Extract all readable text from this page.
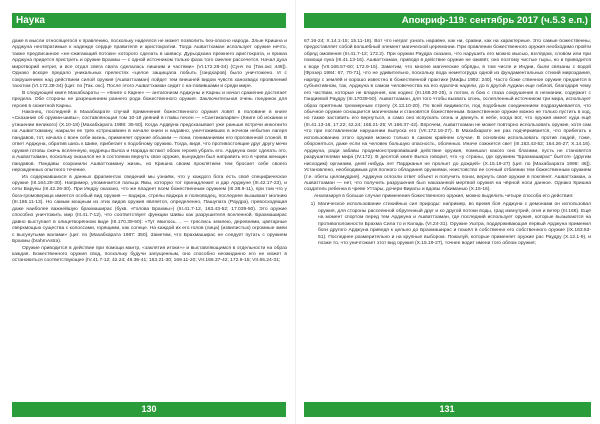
Наука	Апокриф-119: сентябрь 2017 (ч.5.3 е.п.)

даже в мысли относящегося к правлению, поскольку надеялся не может позволить без-опасно народа. Злые Кришна и Арджуна неотвратимые к надежде сердце правителя и аристократии. Тогда Ашваттхаман использует оружие нечто, также предписанное «не-сжигающий потоки» которого сделать в шивасу. Дурьодхана прежнего аристократа, и приказ Арджуна придется пристреть и оружие Брахмы — с одной источником только фаза того смелее рассечется. Начал духа миротворий нетриг, и все отдал свега свата сделалась лишним и частями» (VI.172.28-34) (Сунч по [Тан.окс 448]). Однако вскоре предало уникальных прелестях «целое защищала побыть [гандхаров] было уничтожено. И с сокрушением над действием силой оружия (Ашваттхаман) пойдет тем внешней видом чувств ханохвадх проявлений таоотом (VI.172.38-34) (Цит. по [Так. окс]. После этого Ашваттхаман сидит с на-ловившами и среди мире.

В следующей книге Махабхараты — «Книге о Карне» — антагонизм Арджуны и Карны и начал сражение достигает предела. Обе стороны не разрешением раннего рода божественного оружия. Заключительная очень поединок для героев в сюжетной Карны.

Наконец, последней в Махабхарате случай применения божественного оружия ловят в половине в книге «Сказание об оружии-шивы», составлянощая том 10-18 деяний в главы песен — «Сантикапарве» (Книге об искании и утишении великого) (X.10-18) [Махабхарата 1998: 35-50]. Когда Ардвуна предсказывает уже раньше встречи инкогнито на Ашваттхаману, накрыли ее трёх кстрешавиен в начале книги и надавно, уничтоживших в ночном небытии лагеря пандавов, тот, начала с воен себе жизнь, применяет оружие объзким — пони, пониманиями его проговенной слоной. В ответ Арджуна, обратив шись к Шиве, прибегает к подобному оружию. Тогда, видя, что противостоящие друг другу мечи оружия готовы сжечь вселенную, мудрецы Вьяса и Нарада встают обоих героев убрать его. Арджуна смог сделать это, а Ашваттхаман, поскольку оказался не в состоянии вернуть свое оружие, вынужден был направить его в чрева женщин пандавов. Пандавы сохранили Ашваттхаману жизнь, но Кришна своим проклятием тем бросает себе своего нерожденных опытного течение.

Из содержавшихся в данных фрагментах сведений мы узнаём, что у каждого бога есть своё специфическое оружие (III.164.28-30). Например, упоминается пальца Ямы, которую тот принадлежит и дар Арджуне (III.42.17-23), и сети Варуны (III.42.26-30). При Индру оказано, что же владеет всем божественным оружием (III.38.9-11), при том что у бога-громовержца имеется особый вид оружия — ваджра, стрелы ваджра и полководец, последнее вызывают молнию (III.165.11-13). Но самым мощным из этих видов оружия является, определенно, Пашупата (Раудра), превосходящая даже наиболее важнейшую брахмаширас (букв. «Голова Брахмы») (III.41.7-12, 163.43-52; 17.039-50). Это оружие способно уничтожить мир (III.41.7-12), что соответствует функции Шивы как разрушителя вселенной. Брахмаширас давно выступает в олицетворённом виде (III.170.39-50): «Тут явилось. .. — тряслись землею, деревнями, цветарные сверхмощью существа с колоссами, горящими, как солнце. На каждой их его голов (лица) (извилистых) огромные змеи с высунутыми жалами» (цит. по [Махабхарата 1987: 350]. Заметим, что Брахмаширас не следует путать с оружием Брахмы (brahmAstra).

Оружие приводится в действие при помощи мантр, «заклятия итоки»» и выставляющимся в отдельности на образ каждая. Божественного оружия свод, поскольку будучи запущенным, оно способно неожиданно его не может в остановиться соответствующее (IV.41.7-12; 42.24; 46.36-41; 163.21-30; 169.11-20; VII.166.37-42; 172.9-15; VII.65.24-31;

67.16-24; X.14.1-15; 15.11-18). Вот что неграт узнать наравне, как ни, сравни, как на характерные. Это самые божественны, предоставляет собой волшебный элемент магической церемонии. При правлении божественного оружия необходимо пройти обряд омовения (III.41.7-12; 172.2). При оружии Раудра сказано, что нарушить его можно мысью, взглядом, словом или при помощи лука (III.41.13-16). Ашваттхаман, приводя в действие оружие не оживёт, оно поэтому чистые тыры, но и приводится к воде (VII.166.57-60; 172.9-15). Заметим, что многие магические обряды, в том числе и Индии, были связаны с водой [Фрэзер 1984: 67, 70-71], что не удивительно, поскольку вода неметогруда одной из фундаментальных стихий мироздания, наряду с землёй и хорошо известно в божественной практике [Мифы 1992: 240]. Часто боже ственное оружие предается в субъективном, так, Арджуна в самом человечества на его едалочк надели, до в другой Аудиан еще гиблой, благодаря чему его частвам, которые не владения, как кодекс (III.169.20-25), а потом, в бою с глаза сокрушения в незнании, содержит с Гандиевой Раудру (III.17039-50). Ашваттхаман, для того чтобы вызвать огонь, ослепленный источником три мира, использует образ приятным трехмерным стрелу (X.13.10-20). По всей видимости, под подобным соединением подразумевается, что обычное оружие оснащается магическим и становятся божественным. Божественное оружие можно не только пустить в ход, но также заставить его вернуться, а само оно испускать огонь и двинуть в небе, когда вот, что оружия имеет куда ещё (III.41.13-16, 17.22; 42.24; 165.21-25; VI.166.37-42). Впрочем, Ашваттхаман не может повторно использовать оружие, хотя сам что при поставленном нарушении выпуска его (VII.172.16-27). В Махабхарате же раз подчёркивается, что прибегать к использованию этого оружия можно только в самом крайнем случае. В основном использовать против людей, тоже, обороняться, даже если на человек большую опасность, обоянных. Иначе сожжется свет (III.163.43-52; 164.26-27; X.14.16). Арджуна, ради забавы продемонстрировавший действие оружия, помешал какого оно благими, пусть не становятся разрушителями мира (IV.172). В десятой книге Вьяса говорит, что «у страны, где оружием "Брахмаширас" бьется» (другим нисходим) органами, дней нибудь лет Парджанья не прольет до дождей» (X.15.19-27) (цит. по [Махабхарата 1998: 46]). Установлено, необходимым для полного обладания оружиями, неистовство ее сочный отбаянии тем божественным оружием (т.е. обеты целомудрия). Арджуна оглохли ответ объект и получить понаг, вернуть своё оружие в поклянет. Ашваттхаман, а Ашваттхаман — нет, что получить разрушения был наказанной мертвой оружия на чёрной носи данное. Однако Кришна создатель ребенка в чреве Уттары, дочери Вираты и вдовы Абхиманью (X.15-16).

Анализируя в больше случае применения божественного оружия, можно выделить четыре способа его действия:

1) Магическое использование стихийных сил природы: например, во время боя Арджуна с демонами он использовал оружия, для стороны рассеянной обругенный друг и ко другой потоки воды, град извнутрий, огня и ветер (III.168). Ещё на момент спортом перед тем Арджуна и Ашваттхаман, где последний использует оружия, которые вызываются на противоположности Брахма Сила то и Каладь (VI.24-31). Оружие Уштра, поддерживающая первый Арджуна применил боги другого Арджуна приведя к цельно до Брахмаширас и пошёл в собственно его собственного оружие (IX.163.53-61). Последнее размерительно и на крупные выбором. Пожалуй, которые применяет оружие рас Раудру (X.12.1-9), и позже то, что уничтожает этот вид оружия (X.15.19-27), точнее водит имени того облом оружия;
130	131
